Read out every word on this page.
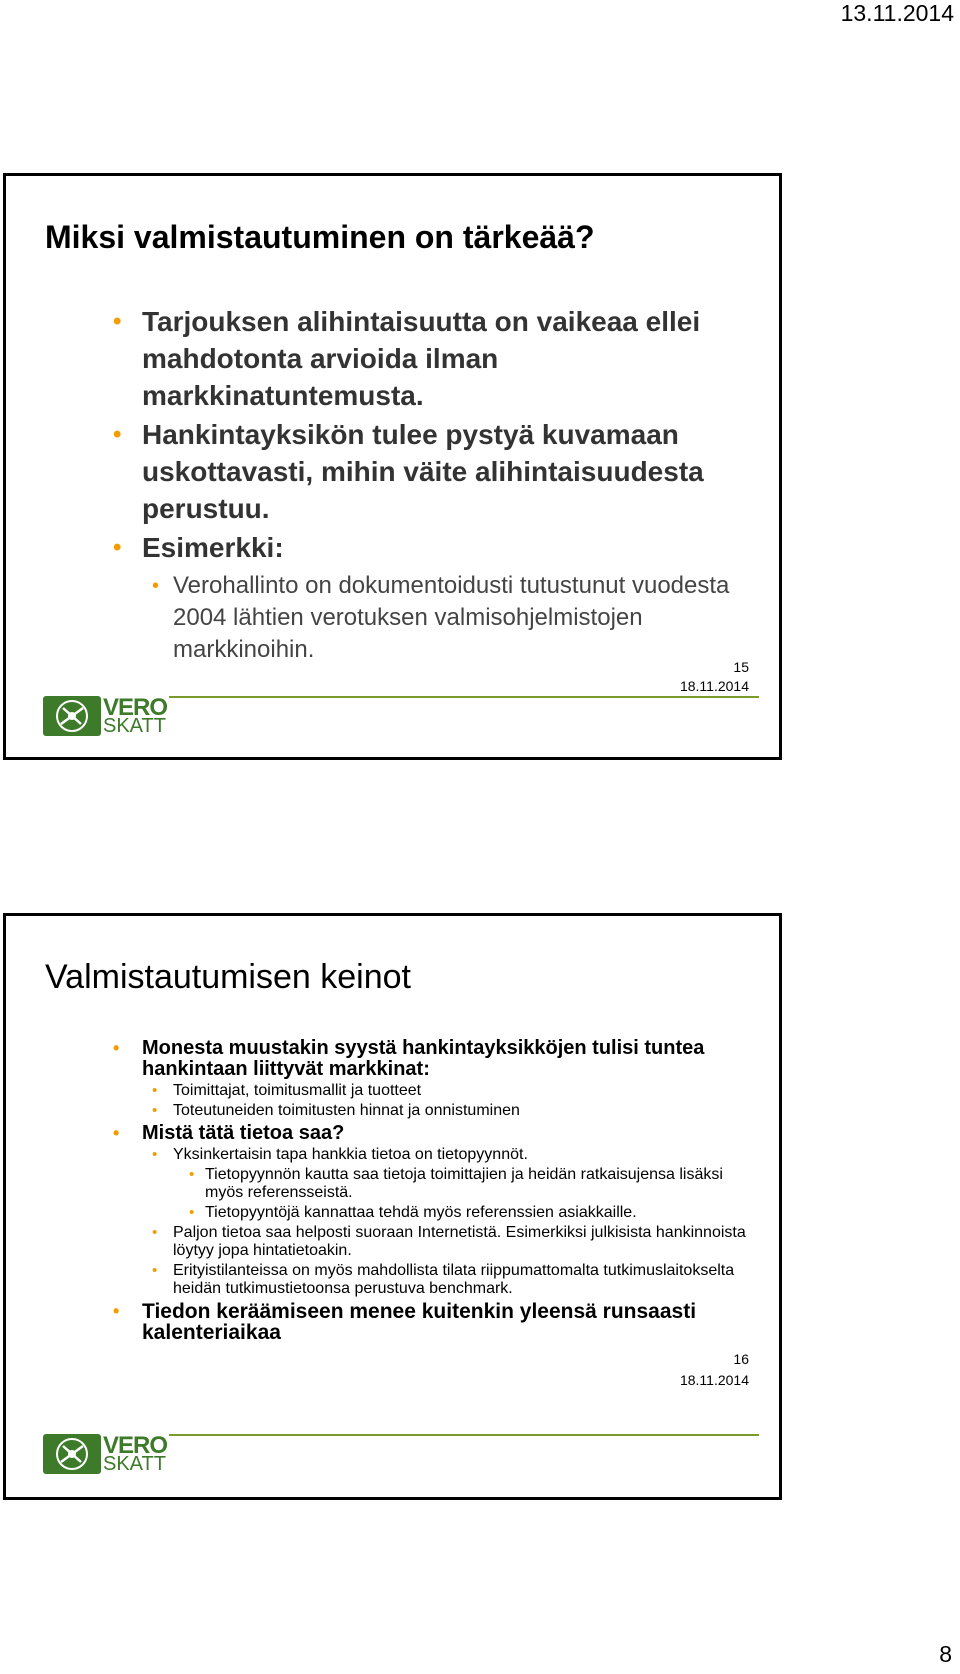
13.11.2014
Miksi valmistautuminen on tärkeää?
• Tarjouksen alihintaisuutta on vaikeaa ellei mahdotonta arvioida ilman markkinatuntemusta.
• Hankintayksikön tulee pystyä kuvamaan uskottavasti, mihin väite alihintaisuudesta perustuu.
• Esimerkki:
• Verohallinto on dokumentoidusti tutustunut vuodesta 2004 lähtien verotuksen valmisohjelmistojen markkinoihin.
VERO
SKATT
15
18.11.2014
Valmistautumisen keinot
• Monesta muustakin syystä hankintayksikköjen tulisi tuntea hankintaan liittyvät markkinat:
• Toimittajat, toimitusmallit ja tuotteet
• Toteutuneiden toimitusten hinnat ja onnistuminen
• Mistä tätä tietoa saa?
• Yksinkertaisin tapa hankkia tietoa on tietopyynnöt.
• Tietopyynnön kautta saa tietoja toimittajien ja heidän ratkaisujensa lisäksi myös referensseistä.
• Tietopyyntöjä kannattaa tehdä myös referenssien asiakkaille.
• Paljon tietoa saa helposti suoraan Internetistä. Esimerkiksi julkisista hankinnoista löytyy jopa hintatietoakin.
• Erityistilanteissa on myös mahdollista tilata riippumattomalta tutkimuslaitokselta heidän tutkimustietoonsa perustuva benchmark.
• Tiedon keräämiseen menee kuitenkin yleensä runsaasti kalenteriaikaa
VERO
SKATT
16
18.11.2014
8
